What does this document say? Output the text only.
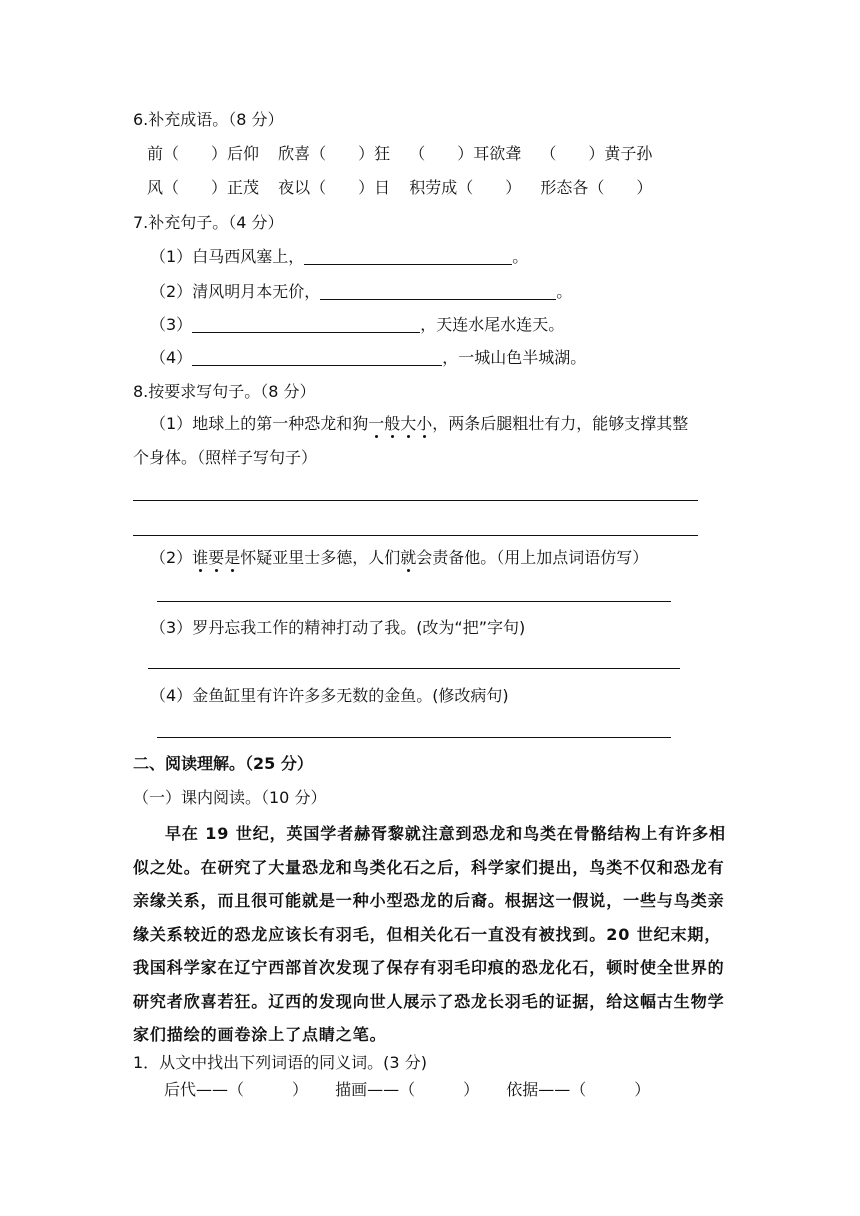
6.补充成语。（8 分）
前（　　）后仰 欣喜（　　）狂 （　　）耳欲聋 （　　）黄子孙
风（　　）正茂 夜以（　　）日 积劳成（　　） 形态各（　　）
7.补充句子。（4 分）
（1）白马西风塞上，	。
（2）清风明月本无价，	。
（3）	，天连水尾水连天。
（4）	，一城山色半城湖。
8.按要求写句子。（8 分）
（1）地球上的第一种恐龙和狗一般大小，两条后腿粗壮有力，能够支撑其整
个身体。（照样子写句子）
（2）谁要是怀疑亚里士多德，人们就会责备他。（用上加点词语仿写）
（3）罗丹忘我工作的精神打动了我。(改为“把”字句)
（4）金鱼缸里有许许多多无数的金鱼。(修改病句)
二、阅读理解。（25 分）
（一）课内阅读。（10 分）
早在 19 世纪，英国学者赫胥黎就注意到恐龙和鸟类在骨骼结构上有许多相似之处。在研究了大量恐龙和鸟类化石之后，科学家们提出，鸟类不仅和恐龙有亲缘关系，而且很可能就是一种小型恐龙的后裔。根据这一假说，一些与鸟类亲缘关系较近的恐龙应该长有羽毛，但相关化石一直没有被找到。20 世纪末期，我国科学家在辽宁西部首次发现了保存有羽毛印痕的恐龙化石，顿时使全世界的研究者欣喜若狂。辽西的发现向世人展示了恐龙长羽毛的证据，给这幅古生物学家们描绘的画卷涂上了点睛之笔。
1．从文中找出下列词语的同义词。(3 分)
后代——（　　　） 描画——（　　　） 依据——（　　　）
